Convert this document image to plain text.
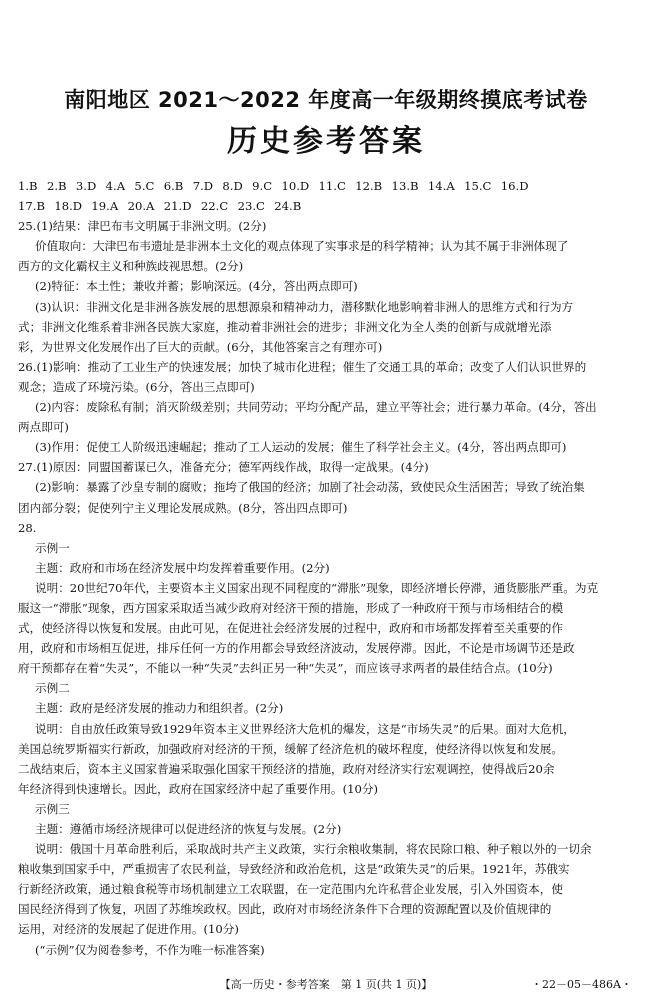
南阳地区 2021～2022 年度高一年级期终摸底考试卷
历史参考答案

1.B  2.B  3.D  4.A  5.C  6.B  7.D  8.D  9.C  10.D  11.C  12.B  13.B  14.A  15.C  16.D

17.B  18.D  19.A  20.A  21.D  22.C  23.C  24.B

25.(1)结果：津巴布韦文明属于非洲文明。(2分)

价值取向：大津巴布韦遗址是非洲本土文化的观点体现了实事求是的科学精神；认为其不属于非洲体现了

西方的文化霸权主义和种族歧视思想。(2分)

(2)特征：本土性；兼收并蓄；影响深远。(4分，答出两点即可)

(3)认识：非洲文化是非洲各族发展的思想源泉和精神动力，潜移默化地影响着非洲人的思维方式和行为方

式；非洲文化维系着非洲各民族大家庭，推动着非洲社会的进步；非洲文化为全人类的创新与成就增光添

彩，为世界文化发展作出了巨大的贡献。(6分，其他答案言之有理亦可)

26.(1)影响：推动了工业生产的快速发展；加快了城市化进程；催生了交通工具的革命；改变了人们认识世界的

观念；造成了环境污染。(6分，答出三点即可)

(2)内容：废除私有制；消灭阶级差别；共同劳动；平均分配产品，建立平等社会；进行暴力革命。(4分，答出

两点即可)

(3)作用：促使工人阶级迅速崛起；推动了工人运动的发展；催生了科学社会主义。(4分，答出两点即可)

27.(1)原因：同盟国蓄谋已久，准备充分；德军两线作战，取得一定战果。(4分)

(2)影响：暴露了沙皇专制的腐败；拖垮了俄国的经济；加剧了社会动荡，致使民众生活困苦；导致了统治集

团内部分裂；促使列宁主义理论发展成熟。(8分，答出四点即可)

28.

示例一

主题：政府和市场在经济发展中均发挥着重要作用。(2分)

说明：20世纪70年代，主要资本主义国家出现不同程度的“滞胀”现象，即经济增长停滞，通货膨胀严重。为克

服这一“滞胀”现象，西方国家采取适当减少政府对经济干预的措施，形成了一种政府干预与市场相结合的模

式，使经济得以恢复和发展。由此可见，在促进社会经济发展的过程中，政府和市场都发挥着至关重要的作

用，政府和市场相互促进，排斥任何一方的作用都会导致经济波动，发展停滞。因此，不论是市场调节还是政

府干预都存在着“失灵”，不能以一种“失灵”去纠正另一种“失灵”，而应该寻求两者的最佳结合点。(10分)

示例二

主题：政府是经济发展的推动力和组织者。(2分)

说明：自由放任政策导致1929年资本主义世界经济大危机的爆发，这是“市场失灵”的后果。面对大危机，

美国总统罗斯福实行新政，加强政府对经济的干预，缓解了经济危机的破坏程度，使经济得以恢复和发展。

二战结束后，资本主义国家普遍采取强化国家干预经济的措施，政府对经济实行宏观调控，使得战后20余

年经济得到快速增长。因此，政府在国家经济中起了重要作用。(10分)

示例三

主题：遵循市场经济规律可以促进经济的恢复与发展。(2分)

说明：俄国十月革命胜利后，采取战时共产主义政策，实行余粮收集制，将农民除口粮、种子粮以外的一切余

粮收集到国家手中，严重损害了农民利益，导致经济和政治危机，这是“政策失灵”的后果。1921年，苏俄实

行新经济政策，通过粮食税等市场机制建立工农联盟，在一定范围内允许私营企业发展，引入外国资本，使

国民经济得到了恢复，巩固了苏维埃政权。因此，政府对市场经济条件下合理的资源配置以及价值规律的

运用，对经济的发展起了促进作用。(10分)

(“示例”仅为阅卷参考，不作为唯一标准答案)

【高一历史・参考答案　第 1 页(共 1 页)】	・22－05－486A・
